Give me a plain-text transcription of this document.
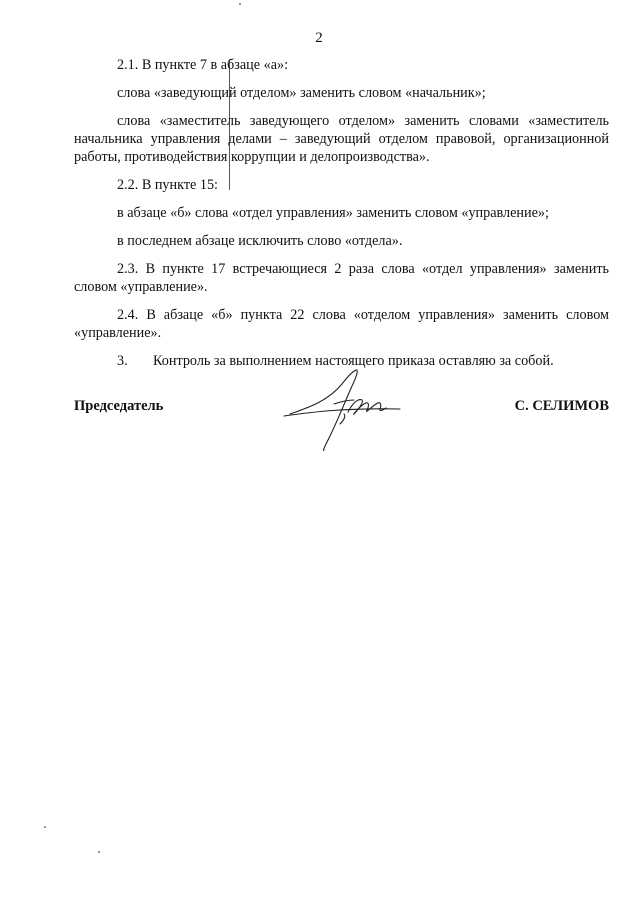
2

2.1. В пункте 7 в абзаце «а»:

слова «заведующий отделом» заменить словом «начальник»;

слова «заместитель заведующего отделом» заменить словами «заместитель начальника управления делами – заведующий отделом правовой, организационной работы, противодействия коррупции и делопроизводства».

2.2. В пункте 15:

в абзаце «б» слова «отдел управления» заменить словом «управление»;

в последнем абзаце исключить слово «отдела».

2.3. В пункте 17 встречающиеся 2 раза слова «отдел управления» заменить словом «управление».

2.4. В абзаце «б» пункта 22 слова «отделом управления» заменить словом «управление».

3. Контроль за выполнением настоящего приказа оставляю за собой.

Председатель	С. СЕЛИМОВ
